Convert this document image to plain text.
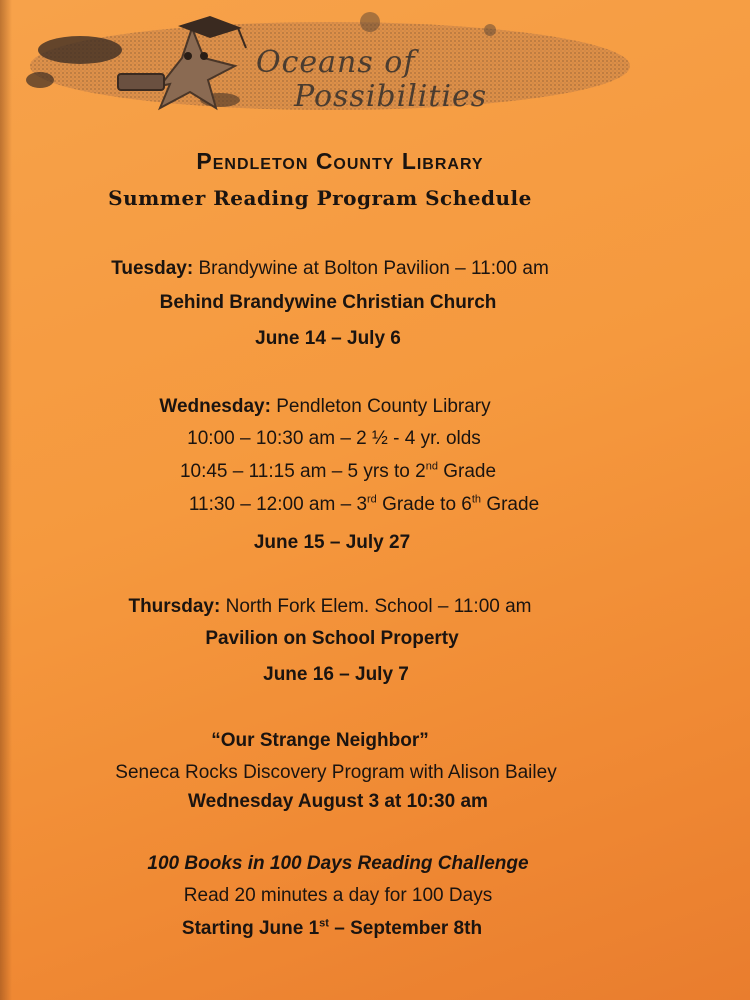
Oceans of
Possibilities
Pendleton County Library
Summer Reading Program Schedule
Tuesday: Brandywine at Bolton Pavilion – 11:00 am
Behind Brandywine Christian Church
June 14 – July 6
Wednesday: Pendleton County Library
10:00 – 10:30 am – 2 ½ - 4 yr. olds
10:45 – 11:15 am – 5 yrs to 2nd Grade
11:30 – 12:00 am – 3rd Grade to 6th Grade
June 15 – July 27
Thursday: North Fork Elem. School – 11:00 am
Pavilion on School Property
June 16 – July 7
“Our Strange Neighbor”
Seneca Rocks Discovery Program with Alison Bailey
Wednesday August 3 at 10:30 am
100 Books in 100 Days Reading Challenge
Read 20 minutes a day for 100 Days
Starting June 1st – September 8th
